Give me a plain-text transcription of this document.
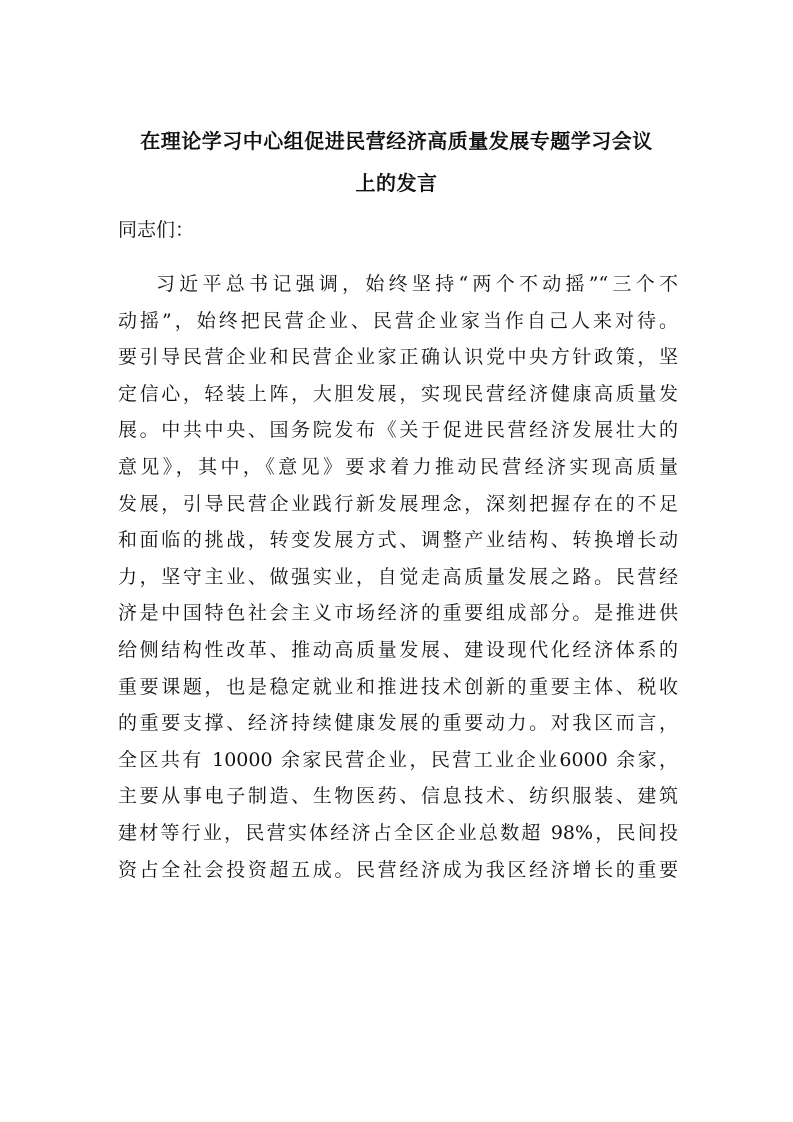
在理论学习中心组促进民营经济高质量发展专题学习会议
上的发言
同志们：
习近平总书记强调，始终坚持“两个不动摇”“三个不
动摇”，始终把民营企业、民营企业家当作自己人来对待。
要引导民营企业和民营企业家正确认识党中央方针政策，坚
定信心，轻装上阵，大胆发展，实现民营经济健康高质量发
展。中共中央、国务院发布《关于促进民营经济发展壮大的
意见》，其中，《意见》要求着力推动民营经济实现高质量
发展，引导民营企业践行新发展理念，深刻把握存在的不足
和面临的挑战，转变发展方式、调整产业结构、转换增长动
力，坚守主业、做强实业，自觉走高质量发展之路。民营经
济是中国特色社会主义市场经济的重要组成部分。是推进供
给侧结构性改革、推动高质量发展、建设现代化经济体系的
重要课题，也是稳定就业和推进技术创新的重要主体、税收
的重要支撑、经济持续健康发展的重要动力。对我区而言，
全区共有 10000 余家民营企业，民营工业企业6000 余家，
主要从事电子制造、生物医药、信息技术、纺织服装、建筑
建材等行业，民营实体经济占全区企业总数超 98%，民间投
资占全社会投资超五成。民营经济成为我区经济增长的重要
